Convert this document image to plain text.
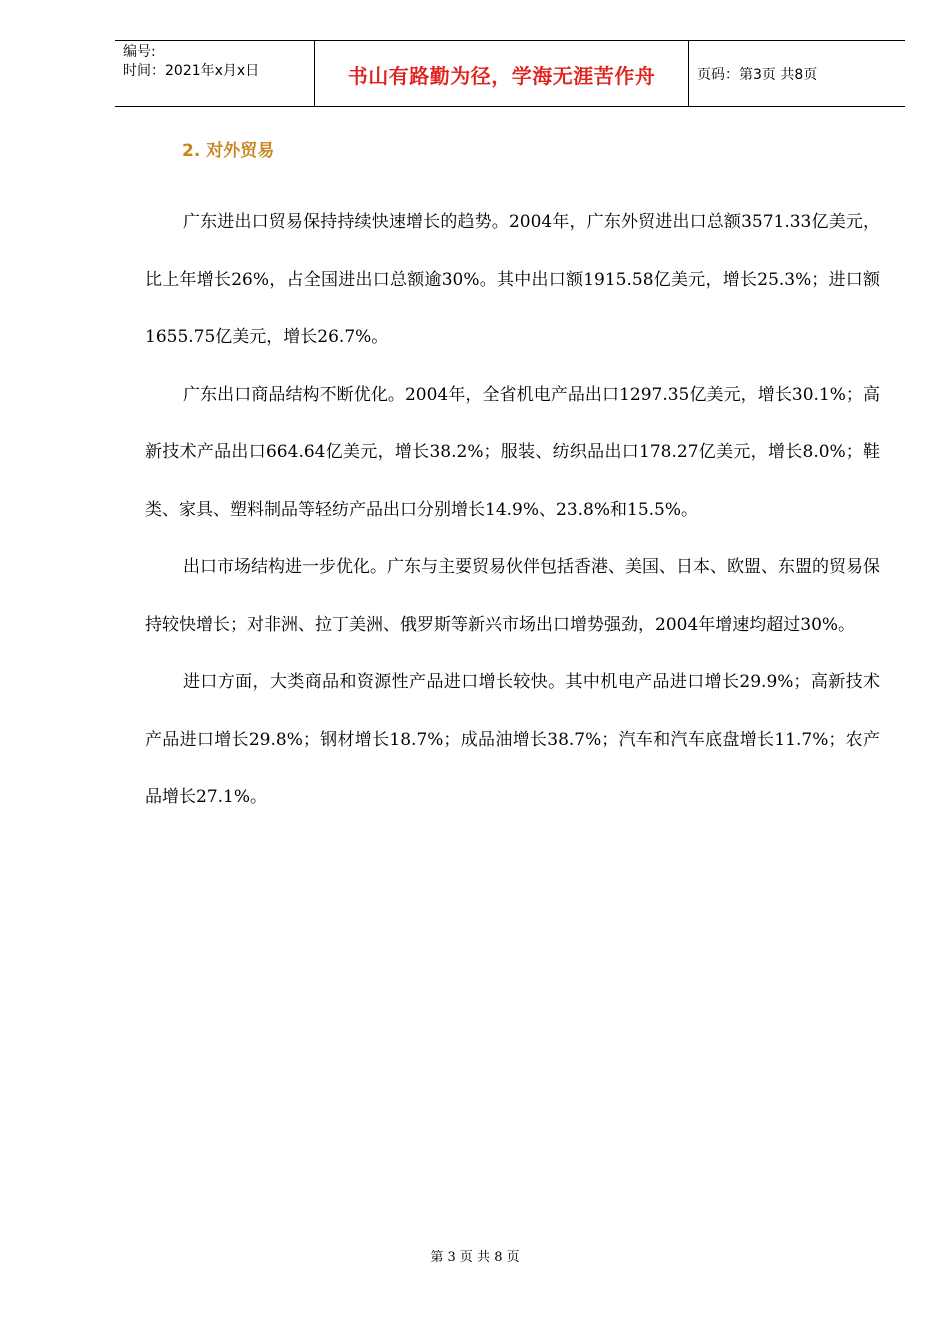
编号:
时间：2021年x月x日	书山有路勤为径，学海无涯苦作舟	页码：第3页 共8页
2. 对外贸易

广东进出口贸易保持持续快速增长的趋势。2004年，广东外贸进出口总额3571.33亿美元，比上年增长26%，占全国进出口总额逾30%。其中出口额1915.58亿美元，增长25.3%；进口额1655.75亿美元，增长26.7%。

广东出口商品结构不断优化。2004年，全省机电产品出口1297.35亿美元，增长30.1%；高新技术产品出口664.64亿美元，增长38.2%；服装、纺织品出口178.27亿美元，增长8.0%；鞋类、家具、塑料制品等轻纺产品出口分别增长14.9%、23.8%和15.5%。

出口市场结构进一步优化。广东与主要贸易伙伴包括香港、美国、日本、欧盟、东盟的贸易保持较快增长；对非洲、拉丁美洲、俄罗斯等新兴市场出口增势强劲，2004年增速均超过30%。

进口方面，大类商品和资源性产品进口增长较快。其中机电产品进口增长29.9%；高新技术产品进口增长29.8%；钢材增长18.7%；成品油增长38.7%；汽车和汽车底盘增长11.7%；农产品增长27.1%。

第 3 页 共 8 页
